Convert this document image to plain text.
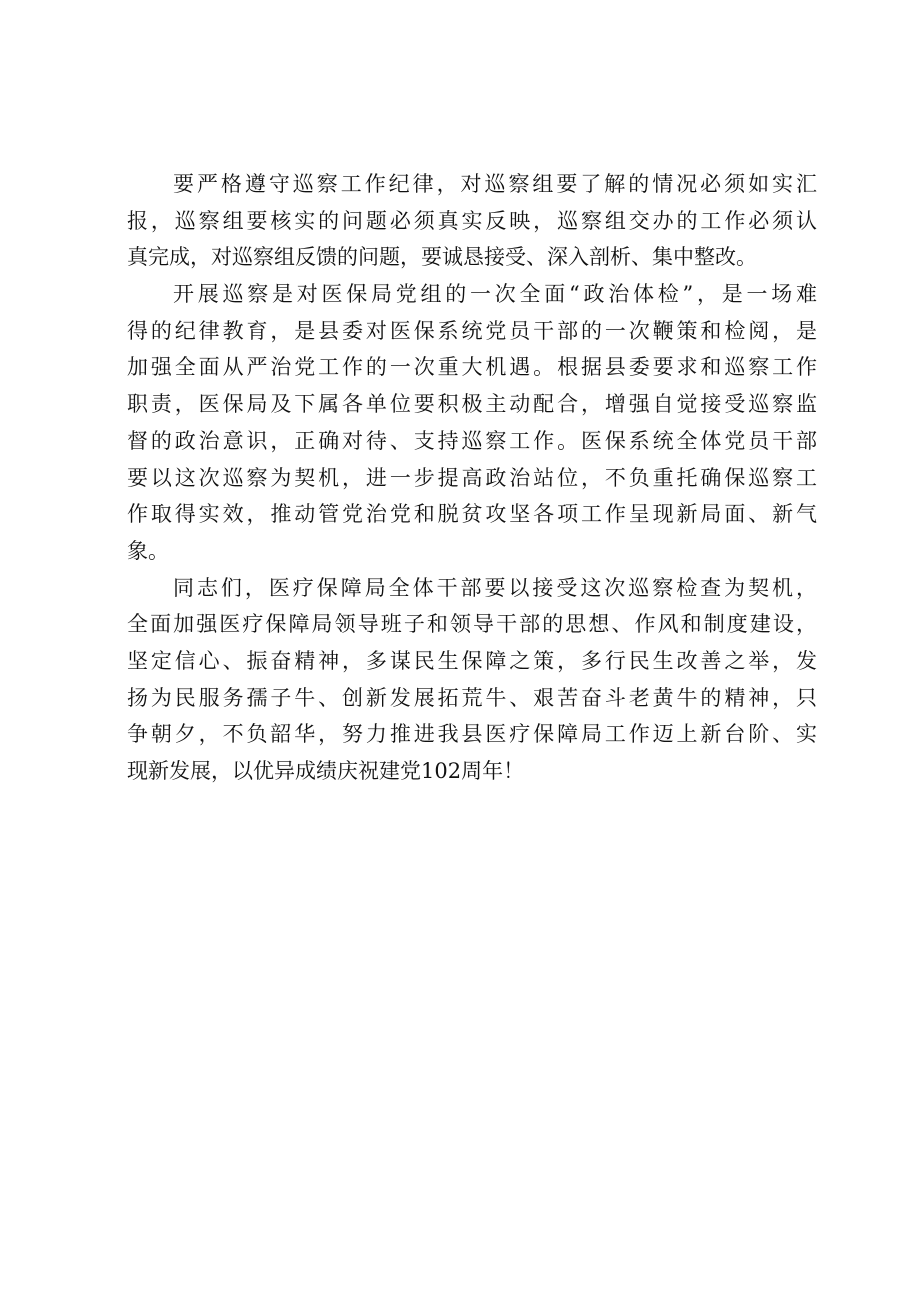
要严格遵守巡察工作纪律，对巡察组要了解的情况必须如实汇
报，巡察组要核实的问题必须真实反映，巡察组交办的工作必须认
真完成，对巡察组反馈的问题，要诚恳接受、深入剖析、集中整改。
开展巡察是对医保局党组的一次全面“政治体检”，是一场难
得的纪律教育，是县委对医保系统党员干部的一次鞭策和检阅，是
加强全面从严治党工作的一次重大机遇。根据县委要求和巡察工作
职责，医保局及下属各单位要积极主动配合，增强自觉接受巡察监
督的政治意识，正确对待、支持巡察工作。医保系统全体党员干部
要以这次巡察为契机，进一步提高政治站位，不负重托确保巡察工
作取得实效，推动管党治党和脱贫攻坚各项工作呈现新局面、新气
象。
同志们，医疗保障局全体干部要以接受这次巡察检查为契机，
全面加强医疗保障局领导班子和领导干部的思想、作风和制度建设，
坚定信心、振奋精神，多谋民生保障之策，多行民生改善之举，发
扬为民服务孺子牛、创新发展拓荒牛、艰苦奋斗老黄牛的精神，只
争朝夕，不负韶华，努力推进我县医疗保障局工作迈上新台阶、实
现新发展，以优异成绩庆祝建党102周年！
